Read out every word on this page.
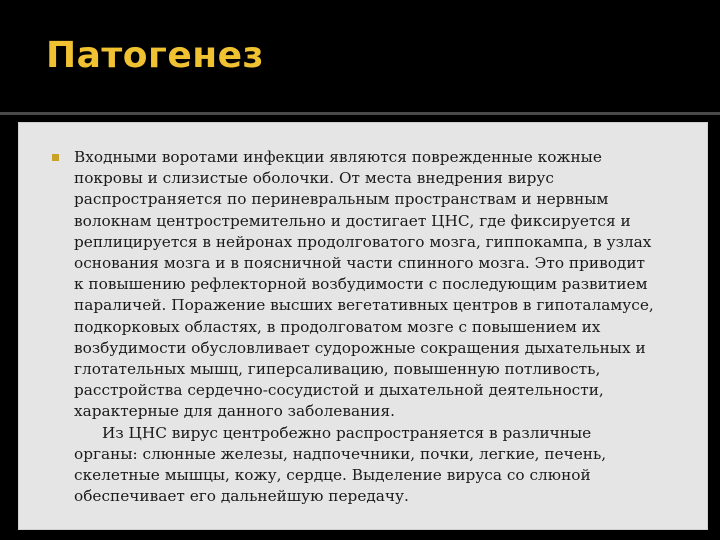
Патогенез

Входными воротами инфекции являются поврежденные кожные
покровы и слизистые оболочки. От места внедрения вирус
распространяется по периневральным пространствам и нервным
волокнам центростремительно и достигает ЦНС, где фиксируется и
реплицируется в нейронах продолговатого мозга, гиппокампа, в узлах
основания мозга и в поясничной части спинного мозга. Это приводит
к повышению рефлекторной возбудимости с последующим развитием
параличей. Поражение высших вегетативных центров в гипоталамусе,
подкорковых областях, в продолговатом мозге с повышением их
возбудимости обусловливает судорожные сокращения дыхательных и
глотательных мышц, гиперсаливацию, повышенную потливость,
расстройства сердечно-сосудистой и дыхательной деятельности,
характерные для данного заболевания.
Из ЦНС вирус центробежно распространяется в различные
органы: слюнные железы, надпочечники, почки, легкие, печень,
скелетные мышцы, кожу, сердце. Выделение вируса со слюной
обеспечивает его дальнейшую передачу.
